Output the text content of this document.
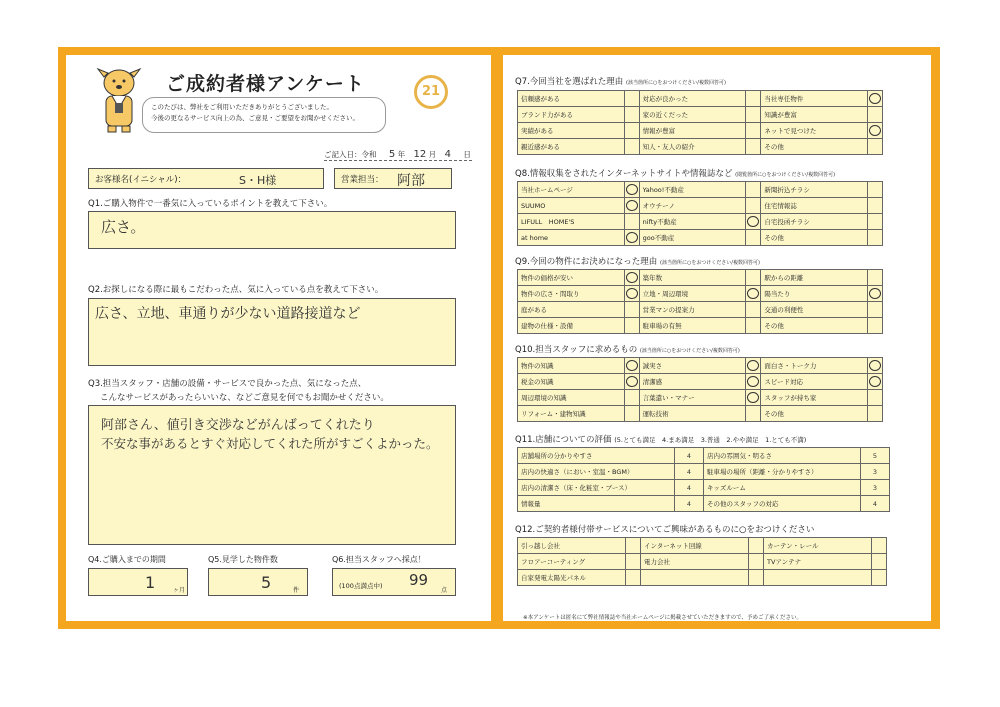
ご成約者様アンケート
このたびは、弊社をご利用いただきありがとうございました。
今後の更なるサービス向上の為、ご意見・ご要望をお聞かせください。
21
ご記入日：令和 5 年 12 月 4 日
お客様名(イニシャル)：	S・H様	営業担当： 阿部
Q1.ご購入物件で一番気に入っているポイントを教えて下さい。
広さ。
Q2.お探しになる際に最もこだわった点、気に入っている点を教えて下さい。
広さ、立地、車通りが少ない道路接道など
Q3.担当スタッフ・店舗の設備・サービスで良かった点、気になった点、
こんなサービスがあったらいいな、などご意見を何でもお聞かせください。
阿部さん、値引き交渉などがんばってくれたり
不安な事があるとすぐ対応してくれた所がすごくよかった。
Q4.ご購入までの期間
1	ヶ月
Q5.見学した物件数
5	件
Q6.担当スタッフへ採点！
(100点満点中) 99
点
Q7.今回当社を選ばれた理由 (該当箇所に○をおつけください/複数回答可)
信頼感がある		対応が良かった		当社専任物件	
ブランド力がある		家の近くだった		知識が豊富	
実績がある		情報が豊富		ネットで見つけた	
親近感がある		知人・友人の紹介		その他	
Q8.情報収集をされたインターネットサイトや情報誌など (閲覧箇所に○をおつけください/複数回答可)
当社ホームページ		Yahoo!不動産		新聞折込チラシ	
SUUMO		オウチーノ		住宅情報誌	
LIFULL　HOME'S		nifty不動産		自宅投函チラシ	
at home		goo不動産		その他	
Q9.今回の物件にお決めになった理由 (該当箇所に○をおつけください/複数回答可)
物件の価格が安い		築年数		駅からの距離	
物件の広さ・間取り		立地・周辺環境		陽当たり	
庭がある		営業マンの提案力		交通の利便性	
建物の仕様・設備		駐車場の有無		その他	
Q10.担当スタッフに求めるもの (該当箇所に○をおつけください/複数回答可)
物件の知識		誠実さ		面白さ・トーク力	
税金の知識		清潔感		スピード対応	
周辺環境の知識		言葉遣い・マナー		スタッフが持ち家	
リフォーム・建物知識		運転技術		その他	
Q11.店舗についての評価 (5.とても満足　4.まあ満足　3.普通　2.やや満足　1.とても不満)
店舗場所の分かりやすさ	4	店内の雰囲気・明るさ	5
店内の快適さ（におい・室温・BGM）	4	駐車場の場所（距離・分かりやすさ）	3
店内の清潔さ（床・化粧室・ブース）	4	キッズルーム	3
情報量	4	その他のスタッフの対応	4
Q12.ご契約者様付帯サービスについてご興味があるものに○をおつけください
引っ越し会社		インターネット回線		カーテン・レール	
フロアーコーティング		電力会社		TVアンテナ	
自家発電太陽光パネル					
※本アンケートは匿名にて弊社情報誌や当社ホームページに掲載させていただきますので、予めご了承ください。
